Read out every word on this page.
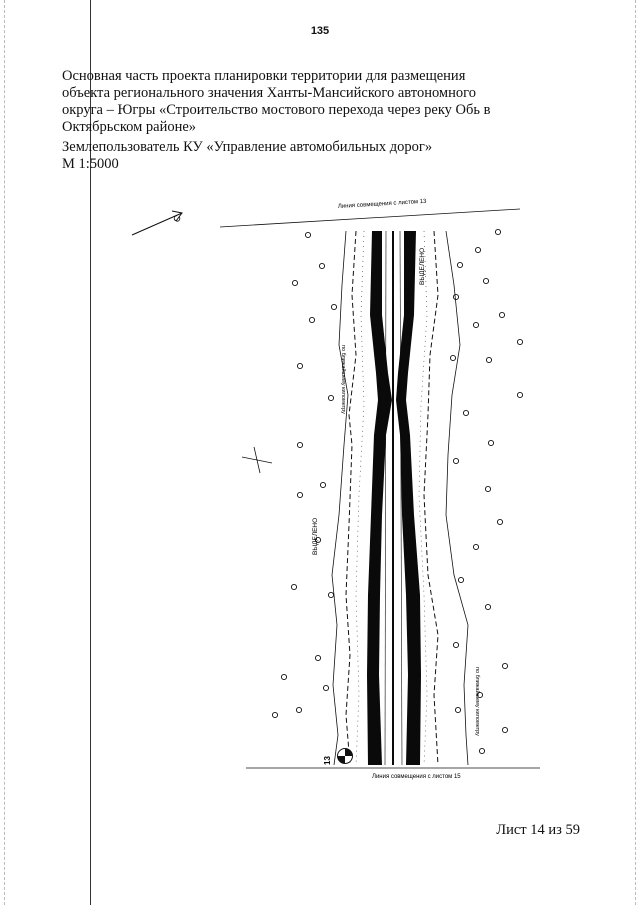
135

Основная часть проекта планировки территории для размещения

объекта регионального значения Ханты-Мансийского автономного

округа – Югры «Строительство мостового перехода через реку Обь в

Октябрьском районе»

Землепользователь КУ «Управление автомобильных дорог»

М 1:5000

С
Линия совмещения с листом 13
Линия совмещения с листом 15
ВЫДЕЛЕНО
ВЫДЕЛЕНО
по ближайшему километру
по ближайшему километру
13
Лист 14 из 59
